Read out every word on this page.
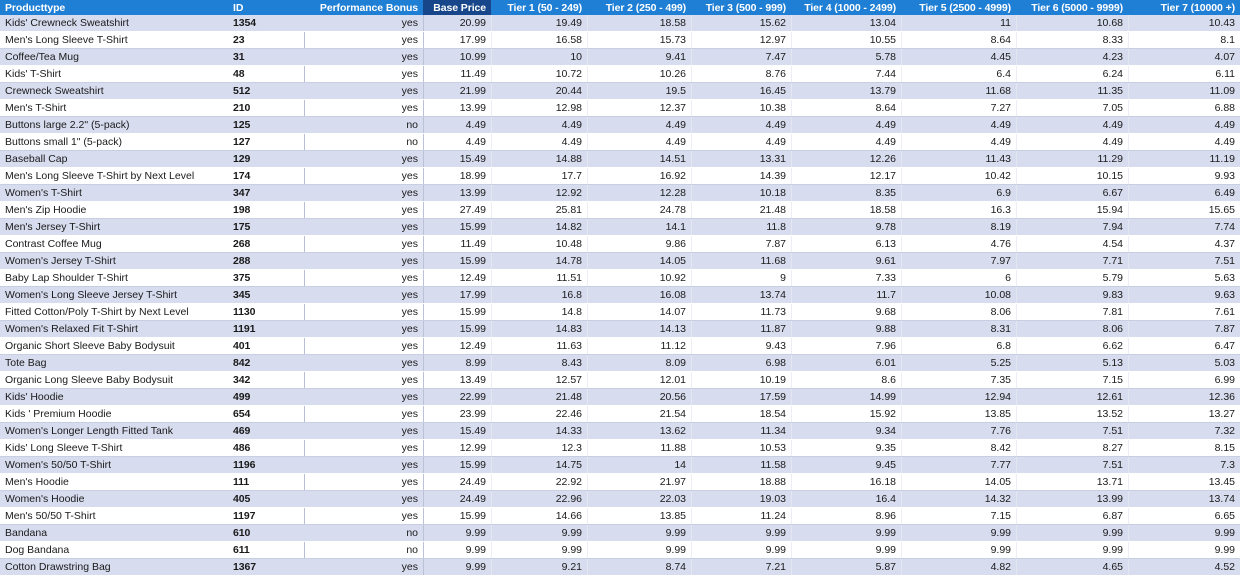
Producttype	ID	Performance Bonus	Base Price	Tier 1 (50 - 249)	Tier 2 (250 - 499)	Tier 3 (500 - 999)	Tier 4 (1000 - 2499)	Tier 5 (2500 - 4999)	Tier 6 (5000 - 9999)	Tier 7 (10000 +)
Kids' Crewneck Sweatshirt	1354	yes	20.99	19.49	18.58	15.62	13.04	11	10.68	10.43
Men's Long Sleeve T-Shirt	23	yes	17.99	16.58	15.73	12.97	10.55	8.64	8.33	8.1
Coffee/Tea Mug	31	yes	10.99	10	9.41	7.47	5.78	4.45	4.23	4.07
Kids' T-Shirt	48	yes	11.49	10.72	10.26	8.76	7.44	6.4	6.24	6.11
Crewneck Sweatshirt	512	yes	21.99	20.44	19.5	16.45	13.79	11.68	11.35	11.09
Men's T-Shirt	210	yes	13.99	12.98	12.37	10.38	8.64	7.27	7.05	6.88
Buttons large 2.2" (5-pack)	125	no	4.49	4.49	4.49	4.49	4.49	4.49	4.49	4.49
Buttons small 1" (5-pack)	127	no	4.49	4.49	4.49	4.49	4.49	4.49	4.49	4.49
Baseball Cap	129	yes	15.49	14.88	14.51	13.31	12.26	11.43	11.29	11.19
Men's Long Sleeve T-Shirt by Next Level	174	yes	18.99	17.7	16.92	14.39	12.17	10.42	10.15	9.93
Women's T-Shirt	347	yes	13.99	12.92	12.28	10.18	8.35	6.9	6.67	6.49
Men's Zip Hoodie	198	yes	27.49	25.81	24.78	21.48	18.58	16.3	15.94	15.65
Men's Jersey T-Shirt	175	yes	15.99	14.82	14.1	11.8	9.78	8.19	7.94	7.74
Contrast Coffee Mug	268	yes	11.49	10.48	9.86	7.87	6.13	4.76	4.54	4.37
Women's Jersey T-Shirt	288	yes	15.99	14.78	14.05	11.68	9.61	7.97	7.71	7.51
Baby Lap Shoulder T-Shirt	375	yes	12.49	11.51	10.92	9	7.33	6	5.79	5.63
Women's Long Sleeve Jersey T-Shirt	345	yes	17.99	16.8	16.08	13.74	11.7	10.08	9.83	9.63
Fitted Cotton/Poly T-Shirt by Next Level	1130	yes	15.99	14.8	14.07	11.73	9.68	8.06	7.81	7.61
Women's Relaxed Fit T-Shirt	1191	yes	15.99	14.83	14.13	11.87	9.88	8.31	8.06	7.87
Organic Short Sleeve Baby Bodysuit	401	yes	12.49	11.63	11.12	9.43	7.96	6.8	6.62	6.47
Tote Bag	842	yes	8.99	8.43	8.09	6.98	6.01	5.25	5.13	5.03
Organic Long Sleeve Baby Bodysuit	342	yes	13.49	12.57	12.01	10.19	8.6	7.35	7.15	6.99
Kids' Hoodie	499	yes	22.99	21.48	20.56	17.59	14.99	12.94	12.61	12.36
Kids ' Premium Hoodie	654	yes	23.99	22.46	21.54	18.54	15.92	13.85	13.52	13.27
Women's Longer Length Fitted Tank	469	yes	15.49	14.33	13.62	11.34	9.34	7.76	7.51	7.32
Kids' Long Sleeve T-Shirt	486	yes	12.99	12.3	11.88	10.53	9.35	8.42	8.27	8.15
Women's 50/50 T-Shirt	1196	yes	15.99	14.75	14	11.58	9.45	7.77	7.51	7.3
Men's Hoodie	111	yes	24.49	22.92	21.97	18.88	16.18	14.05	13.71	13.45
Women's Hoodie	405	yes	24.49	22.96	22.03	19.03	16.4	14.32	13.99	13.74
Men's 50/50 T-Shirt	1197	yes	15.99	14.66	13.85	11.24	8.96	7.15	6.87	6.65
Bandana	610	no	9.99	9.99	9.99	9.99	9.99	9.99	9.99	9.99
Dog Bandana	611	no	9.99	9.99	9.99	9.99	9.99	9.99	9.99	9.99
Cotton Drawstring Bag	1367	yes	9.99	9.21	8.74	7.21	5.87	4.82	4.65	4.52
